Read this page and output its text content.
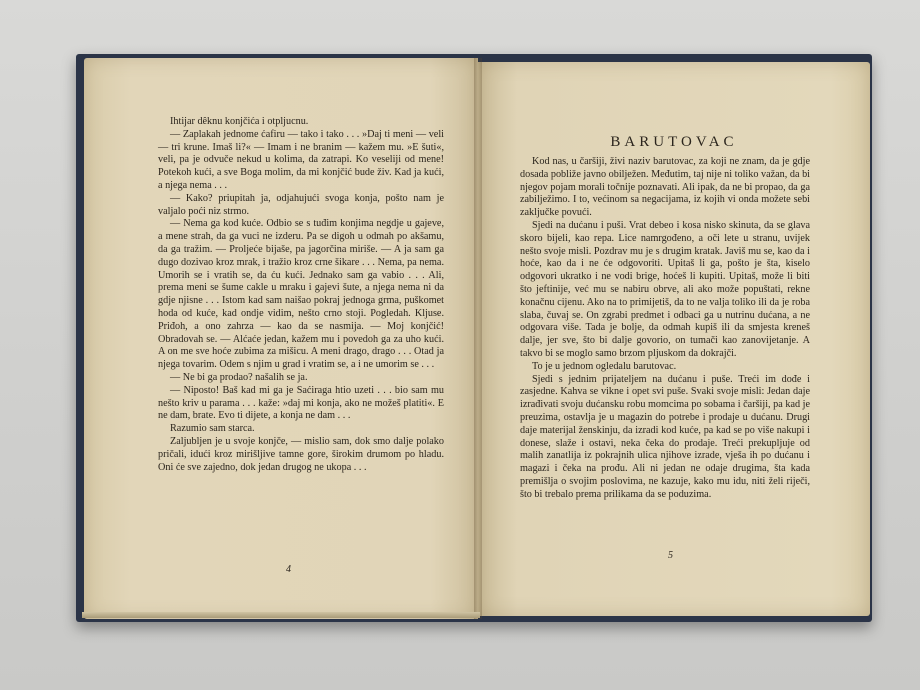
Ihtijar dêknu konjčića i otpljucnu.

— Zaplakah jednome ćafiru — tako i tako . . . »Daj ti meni — veli — tri krune. Imaš li?« — Imam i ne branim — kažem mu. »E šuti«, veli, pa je odvuče nekud u kolima, da zatrapi. Ko veseliji od mene! Potekoh kući, a sve Boga molim, da mi konjčić bude živ. Kad ja kući, a njega nema . . .

— Kako? priupitah ja, odjahujući svoga konja, pošto nam je valjalo poći niz strmo.

— Nema ga kod kuće. Odbio se s tuđim konjima negdje u gajeve, a mene strah, da ga vuci ne izderu. Pa se digoh u odmah po akšamu, da ga tražim. — Proljeće bijaše, pa jagorčina miriše. — A ja sam ga dugo dozivao kroz mrak, i tražio kroz crne šikare . . . Nema, pa nema. Umorih se i vratih se, da ću kući. Jednako sam ga vabio . . . Ali, prema meni se šume cakle u mraku i gajevi šute, a njega nema ni da gdje njisne . . . Istom kad sam naišao pokraj jednoga grma, puškomet hoda od kuće, kad ondje vidim, nešto crno stoji. Pogledah. Kljuse. Priđoh, a ono zahrza — kao da se nasmija. — Moj konjčić! Obradovah se. — Alćaće jedan, kažem mu i povedoh ga za uho kući. A on me sve hoće zubima za mišicu. A meni drago, drago . . . Otad ja njega tovarim. Odem s njim u grad i vratim se, a i ne umorim se . . .

— Ne bi ga prodao? našalih se ja.

— Niposto! Baš kad mi ga je Saćiraga htio uzeti . . . bio sam mu nešto kriv u parama . . . kaže: »daj mi konja, ako ne možeš platiti«. E ne dam, brate. Evo ti dijete, a konja ne dam . . .

Razumio sam starca.

Zaljubljen je u svoje konjče, — mislio sam, dok smo dalje polako pričali, idući kroz mirišljive tamne gore, širokim drumom po hladu. Oni će sve zajedno, dok jedan drugog ne ukopa . . .

4
BARUTOVAC

Kod nas, u čaršiji, živi naziv barutovac, za koji ne znam, da je gdje dosada pobliže javno obilježen. Međutim, taj nije ni toliko važan, da bi njegov pojam morali točnije poznavati. Ali ipak, da ne bi propao, da ga zabilježimo. I to, većinom sa negacijama, iz kojih vi onda možete sebi zaključke povući.

Sjedi na dućanu i puši. Vrat debeo i kosa nisko skinuta, da se glava skoro bijeli, kao repa. Lice namrgođeno, a oči lete u stranu, uvijek nešto svoje misli. Pozdrav mu je s drugim kratak. Javiš mu se, kao da i hoće, kao da i ne će odgovoriti. Upitaš li ga, pošto je šta, kiselo odgovori ukratko i ne vodi brige, hoćeš li kupiti. Upitaš, može li biti što jeftinije, već mu se nabiru obrve, ali ako može popuštati, rekne konačnu cijenu. Ako na to primijetiš, da to ne valja toliko ili da je roba slaba, čuvaj se. On zgrabi predmet i odbaci ga u nutrinu dućana, a ne odgovara više. Tada je bolje, da odmah kupiš ili da smjesta kreneš dalje, jer sve, što bi dalje govorio, on tumači kao zanovijetanje. A takvo bi se moglo samo brzom pljuskom da dokrajči.

To je u jednom ogledalu barutovac.

Sjedi s jednim prijateljem na dućanu i puše. Treći im dođe i zasjedne. Kahva se vikne i opet svi puše. Svaki svoje misli: Jedan daje izrađivati svoju dućansku robu momcima po sobama i čaršiji, pa kad je preuzima, ostavlja je u magazin do potrebe i prodaje u dućanu. Drugi daje materijal ženskinju, da izradi kod kuće, pa kad se po više nakupi i donese, slaže i ostavi, neka čeka do prodaje. Treći prekupljuje od malih zanatlija iz pokrajnih ulica njihove izrade, vješa ih po dućanu i magazi i čeka na prođu. Ali ni jedan ne odaje drugima, šta kada premišlja o svojim poslovima, ne kazuje, kako mu idu, niti želi riječi, što bi trebalo prema prilikama da se poduzima.

5
